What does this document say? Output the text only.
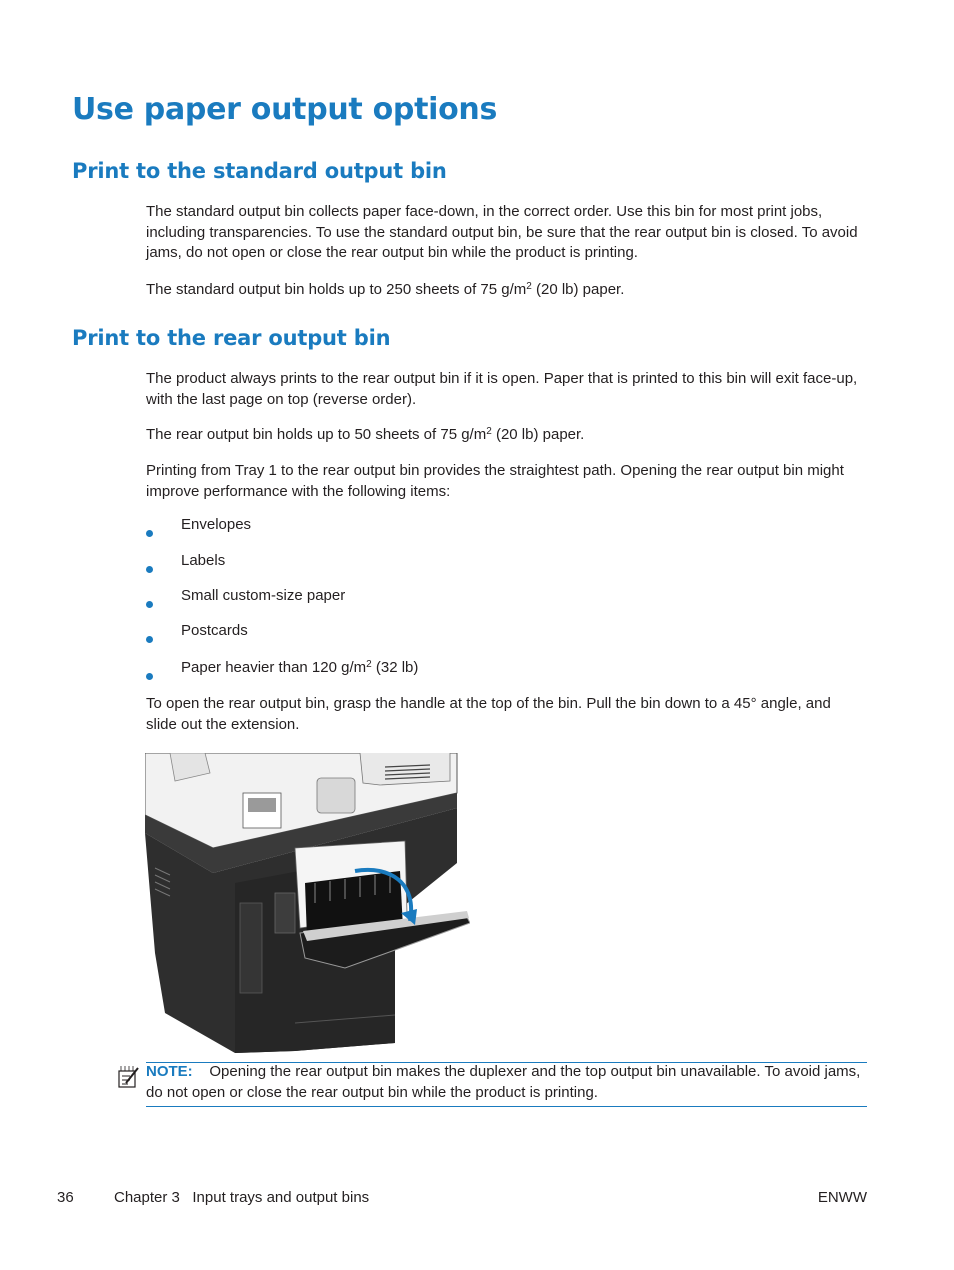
Use paper output options
Print to the standard output bin

The standard output bin collects paper face-down, in the correct order. Use this bin for most print jobs, including transparencies. To use the standard output bin, be sure that the rear output bin is closed. To avoid jams, do not open or close the rear output bin while the product is printing.

The standard output bin holds up to 250 sheets of 75 $g/m^2$ (20 lb) paper.

Print to the rear output bin

The product always prints to the rear output bin if it is open. Paper that is printed to this bin will exit face-up, with the last page on top (reverse order).

The rear output bin holds up to 50 sheets of 75 $g/m^2$ (20 lb) paper.

Printing from Tray 1 to the rear output bin provides the straightest path. Opening the rear output bin might improve performance with the following items:

Envelopes
Labels
Small custom-size paper
Postcards
Paper heavier than 120 $g/m^2$ (32 lb)

To open the rear output bin, grasp the handle at the top of the bin. Pull the bin down to a 45° angle, and slide out the extension.

NOTE: Opening the rear output bin makes the duplexer and the top output bin unavailable. To avoid jams, do not open or close the rear output bin while the product is printing.

36	Chapter 3   Input trays and output bins	ENWW
